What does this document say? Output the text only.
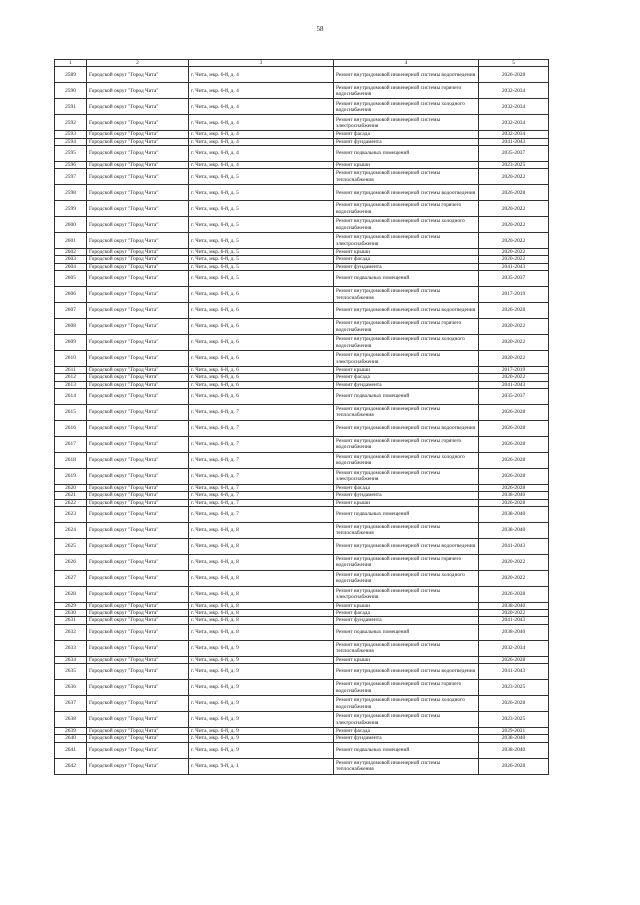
58
1	2	3	4	5
2589	Городской округ "Город Чита"	г. Чита, мкр. 6-й, д. 4	Ремонт внутридомовой инженерной системы водоотведения	2026-2028
2590	Городской округ "Город Чита"	г. Чита, мкр. 6-й, д. 4	Ремонт внутридомовой инженерной системы горячего водоснабжения	2032-2034
2591	Городской округ "Город Чита"	г. Чита, мкр. 6-й, д. 4	Ремонт внутридомовой инженерной системы холодного водоснабжения	2032-2034
2592	Городской округ "Город Чита"	г. Чита, мкр. 6-й, д. 4	Ремонт внутридомовой инженерной системы электроснабжения	2032-2034
2593	Городской округ "Город Чита"	г. Чита, мкр. 6-й, д. 4	Ремонт фасада	2032-2034
2594	Городской округ "Город Чита"	г. Чита, мкр. 6-й, д. 4	Ремонт фундамента	2041-2043
2595	Городской округ "Город Чита"	г. Чита, мкр. 6-й, д. 4	Ремонт подвальных помещений	2035-2037
2596	Городской округ "Город Чита"	г. Чита, мкр. 6-й, д. 4	Ремонт крыши	2023-2025
2597	Городской округ "Город Чита"	г. Чита, мкр. 6-й, д. 5	Ремонт внутридомовой инженерной системы теплоснабжения	2020-2022
2598	Городской округ "Город Чита"	г. Чита, мкр. 6-й, д. 5	Ремонт внутридомовой инженерной системы водоотведения	2026-2028
2599	Городской округ "Город Чита"	г. Чита, мкр. 6-й, д. 5	Ремонт внутридомовой инженерной системы горячего водоснабжения	2020-2022
2600	Городской округ "Город Чита"	г. Чита, мкр. 6-й, д. 5	Ремонт внутридомовой инженерной системы холодного водоснабжения	2020-2022
2601	Городской округ "Город Чита"	г. Чита, мкр. 6-й, д. 5	Ремонт внутридомовой инженерной системы электроснабжения	2020-2022
2602	Городской округ "Город Чита"	г. Чита, мкр. 6-й, д. 5	Ремонт крыши	2020-2022
2603	Городской округ "Город Чита"	г. Чита, мкр. 6-й, д. 5	Ремонт фасада	2020-2022
2604	Городской округ "Город Чита"	г. Чита, мкр. 6-й, д. 5	Ремонт фундамента	2041-2043
2605	Городской округ "Город Чита"	г. Чита, мкр. 6-й, д. 5	Ремонт подвальных помещений	2035-2037
2606	Городской округ "Город Чита"	г. Чита, мкр. 6-й, д. 6	Ремонт внутридомовой инженерной системы теплоснабжения	2017-2019
2607	Городской округ "Город Чита"	г. Чита, мкр. 6-й, д. 6	Ремонт внутридомовой инженерной системы водоотведения	2026-2028
2608	Городской округ "Город Чита"	г. Чита, мкр. 6-й, д. 6	Ремонт внутридомовой инженерной системы горячего водоснабжения	2020-2022
2609	Городской округ "Город Чита"	г. Чита, мкр. 6-й, д. 6	Ремонт внутридомовой инженерной системы холодного водоснабжения	2020-2022
2610	Городской округ "Город Чита"	г. Чита, мкр. 6-й, д. 6	Ремонт внутридомовой инженерной системы электроснабжения	2020-2022
2611	Городской округ "Город Чита"	г. Чита, мкр. 6-й, д. 6	Ремонт крыши	2017-2019
2612	Городской округ "Город Чита"	г. Чита, мкр. 6-й, д. 6	Ремонт фасада	2020-2022
2613	Городской округ "Город Чита"	г. Чита, мкр. 6-й, д. 6	Ремонт фундамента	2041-2043
2614	Городской округ "Город Чита"	г. Чита, мкр. 6-й, д. 6	Ремонт подвальных помещений	2035-2037
2615	Городской округ "Город Чита"	г. Чита, мкр. 6-й, д. 7	Ремонт внутридомовой инженерной системы теплоснабжения	2026-2028
2616	Городской округ "Город Чита"	г. Чита, мкр. 6-й, д. 7	Ремонт внутридомовой инженерной системы водоотведения	2026-2028
2617	Городской округ "Город Чита"	г. Чита, мкр. 6-й, д. 7	Ремонт внутридомовой инженерной системы горячего водоснабжения	2026-2028
2618	Городской округ "Город Чита"	г. Чита, мкр. 6-й, д. 7	Ремонт внутридомовой инженерной системы холодного водоснабжения	2026-2028
2619	Городской округ "Город Чита"	г. Чита, мкр. 6-й, д. 7	Ремонт внутридомовой инженерной системы электроснабжения	2026-2028
2620	Городской округ "Город Чита"	г. Чита, мкр. 6-й, д. 7	Ремонт фасада	2026-2028
2621	Городской округ "Город Чита"	г. Чита, мкр. 6-й, д. 7	Ремонт фундамента	2038-2040
2622	Городской округ "Город Чита"	г. Чита, мкр. 6-й, д. 7	Ремонт крыши	2026-2028
2623	Городской округ "Город Чита"	г. Чита, мкр. 6-й, д. 7	Ремонт подвальных помещений	2038-2040
2624	Городской округ "Город Чита"	г. Чита, мкр. 6-й, д. 8	Ремонт внутридомовой инженерной системы теплоснабжения	2038-2040
2625	Городской округ "Город Чита"	г. Чита, мкр. 6-й, д. 8	Ремонт внутридомовой инженерной системы водоотведения	2041-2043
2626	Городской округ "Город Чита"	г. Чита, мкр. 6-й, д. 8	Ремонт внутридомовой инженерной системы горячего водоснабжения	2020-2022
2627	Городской округ "Город Чита"	г. Чита, мкр. 6-й, д. 8	Ремонт внутридомовой инженерной системы холодного водоснабжения	2020-2022
2628	Городской округ "Город Чита"	г. Чита, мкр. 6-й, д. 8	Ремонт внутридомовой инженерной системы электроснабжения	2026-2028
2629	Городской округ "Город Чита"	г. Чита, мкр. 6-й, д. 8	Ремонт крыши	2038-2040
2630	Городской округ "Город Чита"	г. Чита, мкр. 6-й, д. 8	Ремонт фасада	2020-2022
2631	Городской округ "Город Чита"	г. Чита, мкр. 6-й, д. 8	Ремонт фундамента	2041-2043
2632	Городской округ "Город Чита"	г. Чита, мкр. 6-й, д. 8	Ремонт подвальных помещений	2038-2040
2633	Городской округ "Город Чита"	г. Чита, мкр. 6-й, д. 9	Ремонт внутридомовой инженерной системы теплоснабжения	2032-2034
2634	Городской округ "Город Чита"	г. Чита, мкр. 6-й, д. 9	Ремонт крыши	2026-2028
2635	Городской округ "Город Чита"	г. Чита, мкр. 6-й, д. 9	Ремонт внутридомовой инженерной системы водоотведения	2041-2043
2636	Городской округ "Город Чита"	г. Чита, мкр. 6-й, д. 9	Ремонт внутридомовой инженерной системы горячего водоснабжения	2023-2025
2637	Городской округ "Город Чита"	г. Чита, мкр. 6-й, д. 9	Ремонт внутридомовой инженерной системы холодного водоснабжения	2026-2028
2638	Городской округ "Город Чита"	г. Чита, мкр. 6-й, д. 9	Ремонт внутридомовой инженерной системы электроснабжения	2023-2025
2639	Городской округ "Город Чита"	г. Чита, мкр. 6-й, д. 9	Ремонт фасада	2029-2031
2640	Городской округ "Город Чита"	г. Чита, мкр. 6-й, д. 9	Ремонт фундамента	2038-2040
2641	Городской округ "Город Чита"	г. Чита, мкр. 6-й, д. 9	Ремонт подвальных помещений	2038-2040
2642	Городской округ "Город Чита"	г. Чита, мкр. 9-й, д. 1	Ремонт внутридомовой инженерной системы теплоснабжения	2026-2028
